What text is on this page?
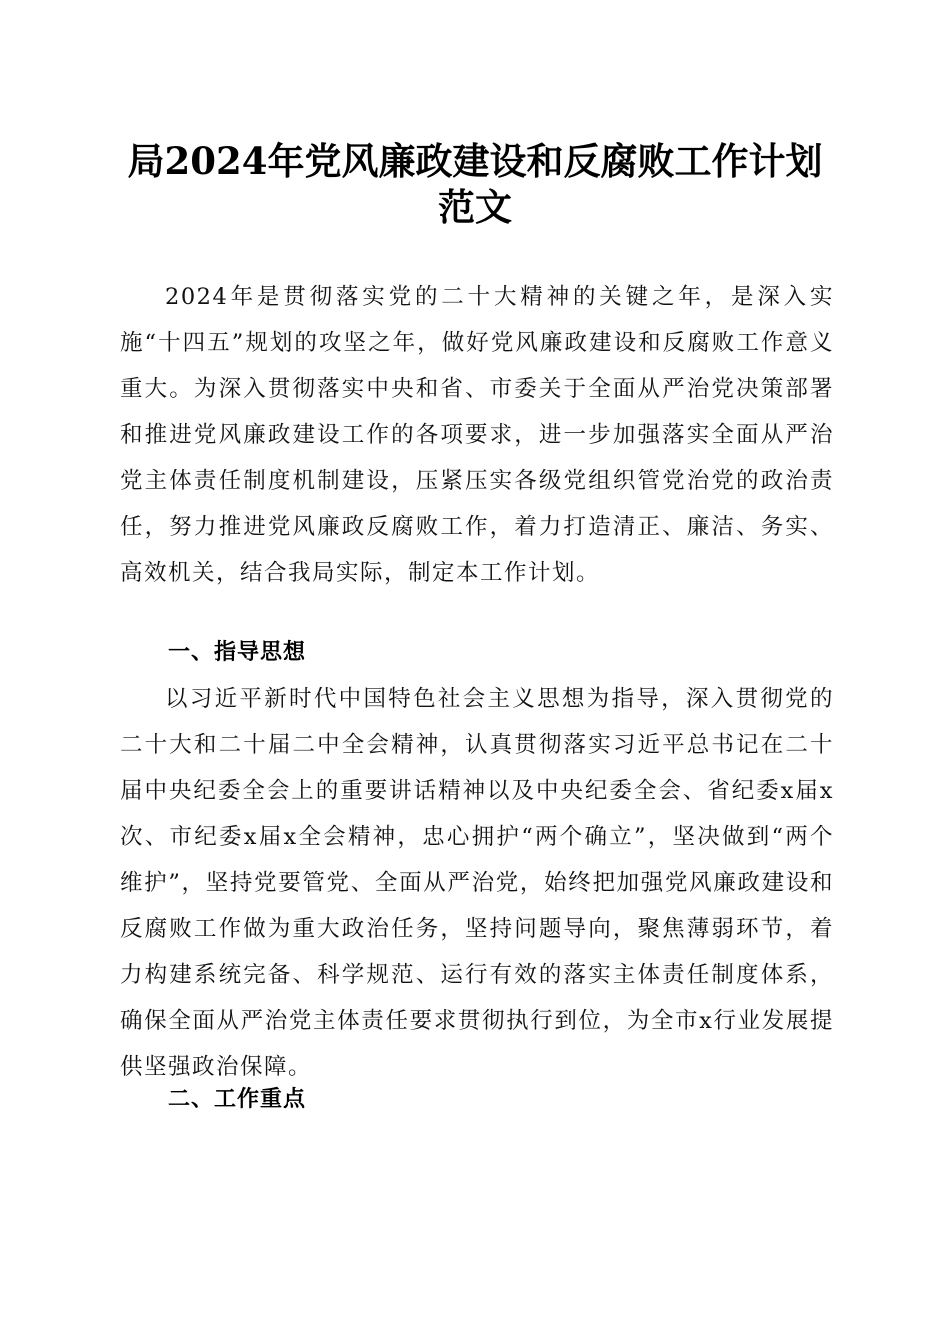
局2024年党风廉政建设和反腐败工作计划范文

2024年是贯彻落实党的二十大精神的关键之年，是深入实施“十四五”规划的攻坚之年，做好党风廉政建设和反腐败工作意义重大。为深入贯彻落实中央和省、市委关于全面从严治党决策部署和推进党风廉政建设工作的各项要求，进一步加强落实全面从严治党主体责任制度机制建设，压紧压实各级党组织管党治党的政治责任，努力推进党风廉政反腐败工作，着力打造清正、廉洁、务实、高效机关，结合我局实际，制定本工作计划。

一、指导思想

以习近平新时代中国特色社会主义思想为指导，深入贯彻党的二十大和二十届二中全会精神，认真贯彻落实习近平总书记在二十届中央纪委全会上的重要讲话精神以及中央纪委全会、省纪委x届x次、市纪委x届x全会精神，忠心拥护“两个确立”，坚决做到“两个维护”，坚持党要管党、全面从严治党，始终把加强党风廉政建设和反腐败工作做为重大政治任务，坚持问题导向，聚焦薄弱环节，着力构建系统完备、科学规范、运行有效的落实主体责任制度体系，确保全面从严治党主体责任要求贯彻执行到位，为全市x行业发展提供坚强政治保障。

二、工作重点
